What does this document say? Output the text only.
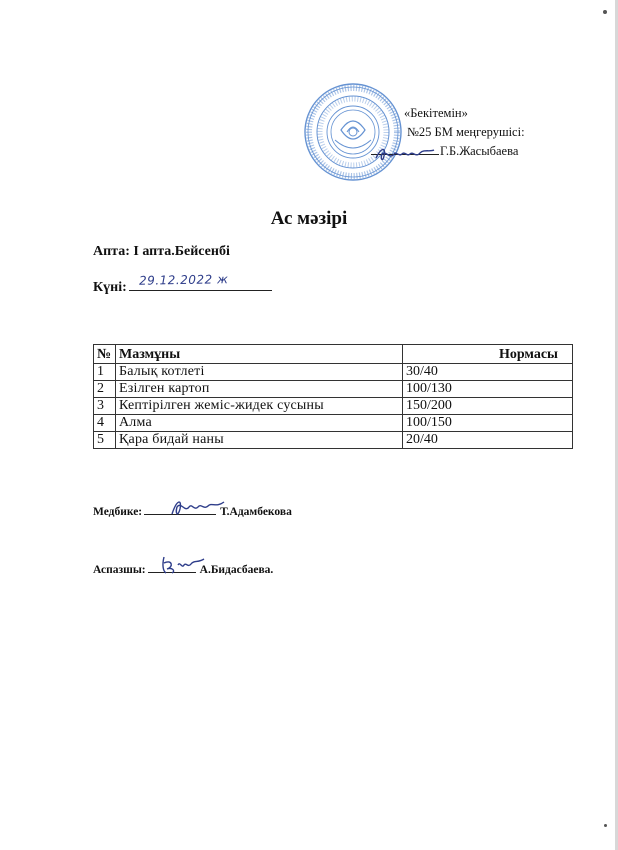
«Бекітемін»
№25 БМ меңгерушісі:
Г.Б.Жасыбаева
Ас мәзірі
Апта: I апта.Бейсенбі
Күні: 29.12.2022 ж
№	Мазмұны	Нормасы
1	Балық котлеті	30/40
2	Езілген картоп	100/130
3	Кептірілген жеміс-жидек сусыны	150/200
4	Алма	100/150
5	Қара бидай наны	20/40
Медбике:	Т.Адамбекова
Аспазшы:	А.Бидасбаева.
